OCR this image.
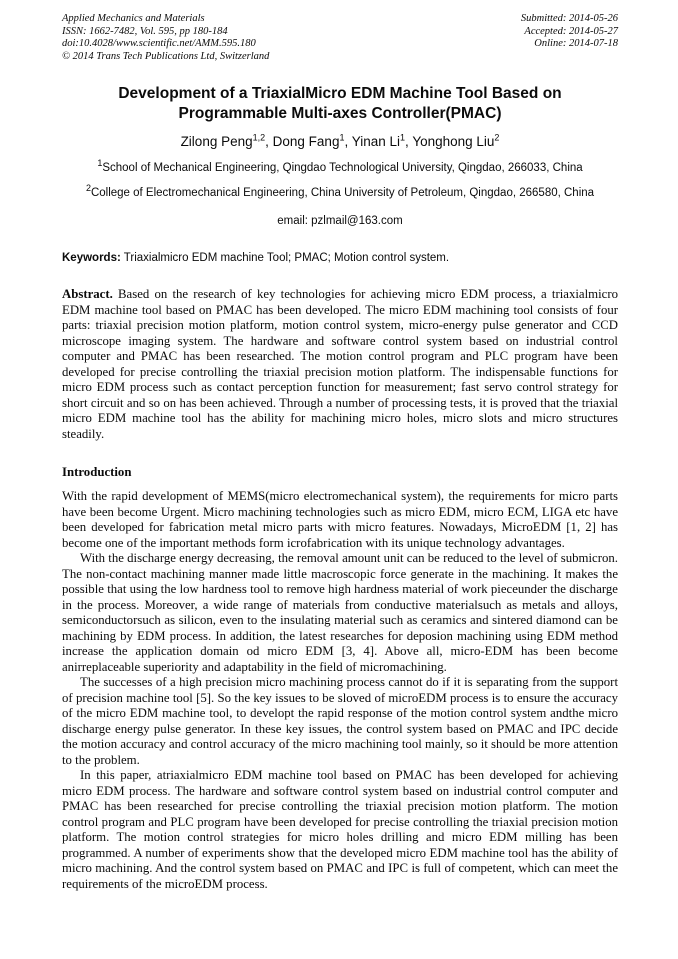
Applied Mechanics and Materials
ISSN: 1662-7482, Vol. 595, pp 180-184
doi:10.4028/www.scientific.net/AMM.595.180
© 2014 Trans Tech Publications Ltd, Switzerland
Submitted: 2014-05-26
Accepted: 2014-05-27
Online: 2014-07-18
Development of a TriaxialMicro EDM Machine Tool Based on Programmable Multi-axes Controller(PMAC)
Zilong Peng$^{1,2}$, Dong Fang$^1$, Yinan Li$^1$, Yonghong Liu$^2$
$^1$School of Mechanical Engineering, Qingdao Technological University, Qingdao, 266033, China
$^2$College of Electromechanical Engineering, China University of Petroleum, Qingdao, 266580, China
email: pzlmail@163.com
Keywords: Triaxialmicro EDM machine Tool; PMAC; Motion control system.
Abstract. Based on the research of key technologies for achieving micro EDM process, a triaxialmicro EDM machine tool based on PMAC has been developed. The micro EDM machining tool consists of four parts: triaxial precision motion platform, motion control system, micro-energy pulse generator and CCD microscope imaging system. The hardware and software control system based on industrial control computer and PMAC has been researched. The motion control program and PLC program have been developed for precise controlling the triaxial precision motion platform. The indispensable functions for micro EDM process such as contact perception function for measurement; fast servo control strategy for short circuit and so on has been achieved. Through a number of processing tests, it is proved that the triaxial micro EDM machine tool has the ability for machining micro holes, micro slots and micro structures steadily.
Introduction

With the rapid development of MEMS(micro electromechanical system), the requirements for micro parts have been become Urgent. Micro machining technologies such as micro EDM, micro ECM, LIGA etc have been developed for fabrication metal micro parts with micro features. Nowadays, MicroEDM [1, 2] has become one of the important methods form icrofabrication with its unique technology advantages.

With the discharge energy decreasing, the removal amount unit can be reduced to the level of submicron. The non-contact machining manner made little macroscopic force generate in the machining. It makes the possible that using the low hardness tool to remove high hardness material of work pieceunder the discharge in the process. Moreover, a wide range of materials from conductive materialsuch as metals and alloys, semiconductorsuch as silicon, even to the insulating material such as ceramics and sintered diamond can be machining by EDM process. In addition, the latest researches for deposion machining using EDM method increase the application domain od micro EDM [3, 4]. Above all, micro-EDM has been become anirreplaceable superiority and adaptability in the field of micromachining.

The successes of a high precision micro machining process cannot do if it is separating from the support of precision machine tool [5]. So the key issues to be sloved of microEDM process is to ensure the accuracy of the micro EDM machine tool, to developt the rapid response of the motion control system andthe micro discharge energy pulse generator. In these key issues, the control system based on PMAC and IPC decide the motion accuracy and control accuracy of the micro machining tool mainly, so it should be more attention to the problem.

In this paper, atriaxialmicro EDM machine tool based on PMAC has been developed for achieving micro EDM process. The hardware and software control system based on industrial control computer and PMAC has been researched for precise controlling the triaxial precision motion platform. The motion control program and PLC program have been developed for precise controlling the triaxial precision motion platform. The motion control strategies for micro holes drilling and micro EDM milling has been programmed. A number of experiments show that the developed micro EDM machine tool has the ability of micro machining. And the control system based on PMAC and IPC is full of competent, which can meet the requirements of the microEDM process.
